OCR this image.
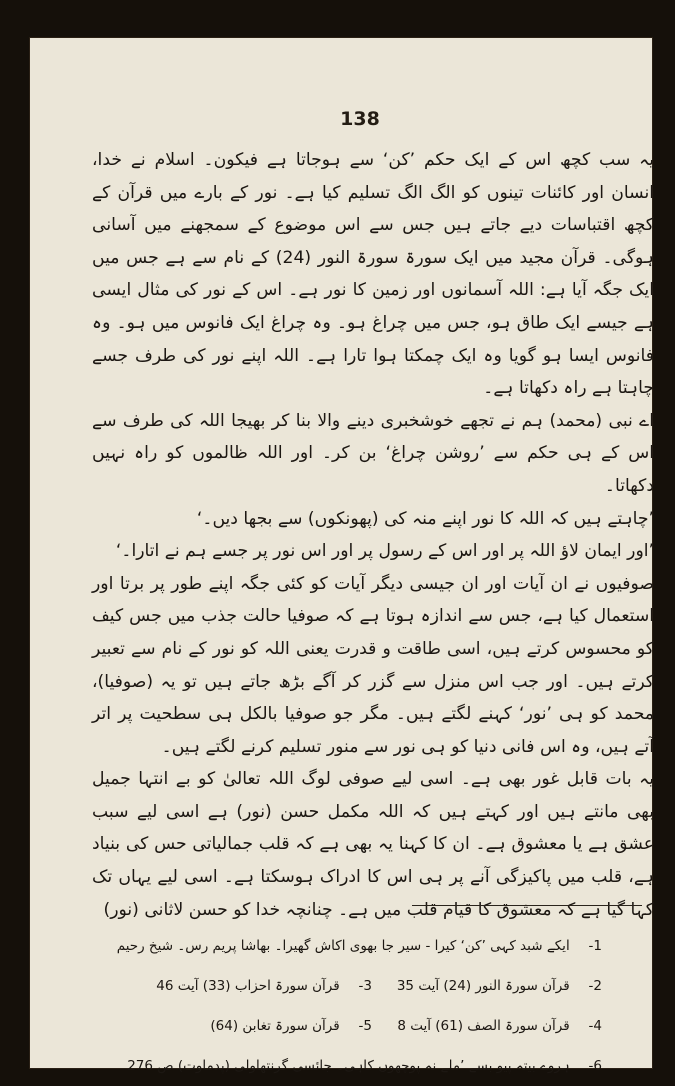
138

یہ سب کچھ اس کے ایک حکم ’کن‘ سے ہوجاتا ہے فیکون۔ اسلام نے خدا، انسان اور کائنات تینوں کو الگ الگ تسلیم کیا ہے۔ نور کے بارے میں قرآن کے کچھ اقتباسات دیے جاتے ہیں جس سے اس موضوع کے سمجھنے میں آسانی ہوگی۔ قرآن مجید میں ایک سورۃ سورۃ النور (24) کے نام سے ہے جس میں ایک جگہ آیا ہے: اللہ آسمانوں اور زمین کا نور ہے۔ اس کے نور کی مثال ایسی ہے جیسے ایک طاق ہو، جس میں چراغ ہو۔ وہ چراغ ایک فانوس میں ہو۔ وہ فانوس ایسا ہو گویا وہ ایک چمکتا ہوا تارا ہے۔ اللہ اپنے نور کی طرف جسے چاہتا ہے راہ دکھاتا ہے۔

اے نبی (محمد) ہم نے تجھے خوشخبری دینے والا بنا کر بھیجا اللہ کی طرف سے اس کے ہی حکم سے ’روشن چراغ‘ بن کر۔ اور اللہ ظالموں کو راہ نہیں دکھاتا۔

’چاہتے ہیں کہ اللہ کا نور اپنے منہ کی (پھونکوں) سے بجھا دیں۔‘

’اور ایمان لاؤ اللہ پر اور اس کے رسول پر اور اس نور پر جسے ہم نے اتارا۔‘

صوفیوں نے ان آیات اور ان جیسی دیگر آیات کو کئی جگہ اپنے طور پر برتا اور استعمال کیا ہے، جس سے اندازہ ہوتا ہے کہ صوفیا حالت جذب میں جس کیف کو محسوس کرتے ہیں، اسی طاقت و قدرت یعنی اللہ کو نور کے نام سے تعبیر کرتے ہیں۔ اور جب اس منزل سے گزر کر آگے بڑھ جاتے ہیں تو یہ (صوفیا)، محمد کو ہی ’نور‘ کہنے لگتے ہیں۔ مگر جو صوفیا بالکل ہی سطحیت پر اتر آتے ہیں، وہ اس فانی دنیا کو ہی نور سے منور تسلیم کرنے لگتے ہیں۔

یہ بات قابل غور بھی ہے۔ اسی لیے صوفی لوگ اللہ تعالیٰ کو بے انتہا جمیل بھی مانتے ہیں اور کہتے ہیں کہ اللہ مکمل حسن (نور) ہے اسی لیے سبب عشق ہے یا معشوق ہے۔ ان کا کہنا یہ بھی ہے کہ قلب جمالیاتی حس کی بنیاد ہے، قلب میں پاکیزگی آنے پر ہی اس کا ادراک ہوسکتا ہے۔ اسی لیے یہاں تک کہا گیا ہے کہ معشوق کا قیام قلب میں ہے۔ چنانچہ خدا کو حسن لاثانی (نور)

1- ایکے شبد کہی ’کن‘ کیرا - سیر جا بھوی اکاش گھیرا۔ بھاشا پریم رس۔ شیخ رحیم
2- قرآن سورۃ النور (24) آیت 35
3- قرآن سورۃ احزاب (33) آیت 46
4- قرآن سورۃ الصف (61) آیت 8
5- قرآن سورۃ تغابن (64)
6- ہروے بیتہ پیو بسے ’ملے نہ پوچھوں کاہی۔ جائسی گرنتھاولی (پدماوت) ص 276
